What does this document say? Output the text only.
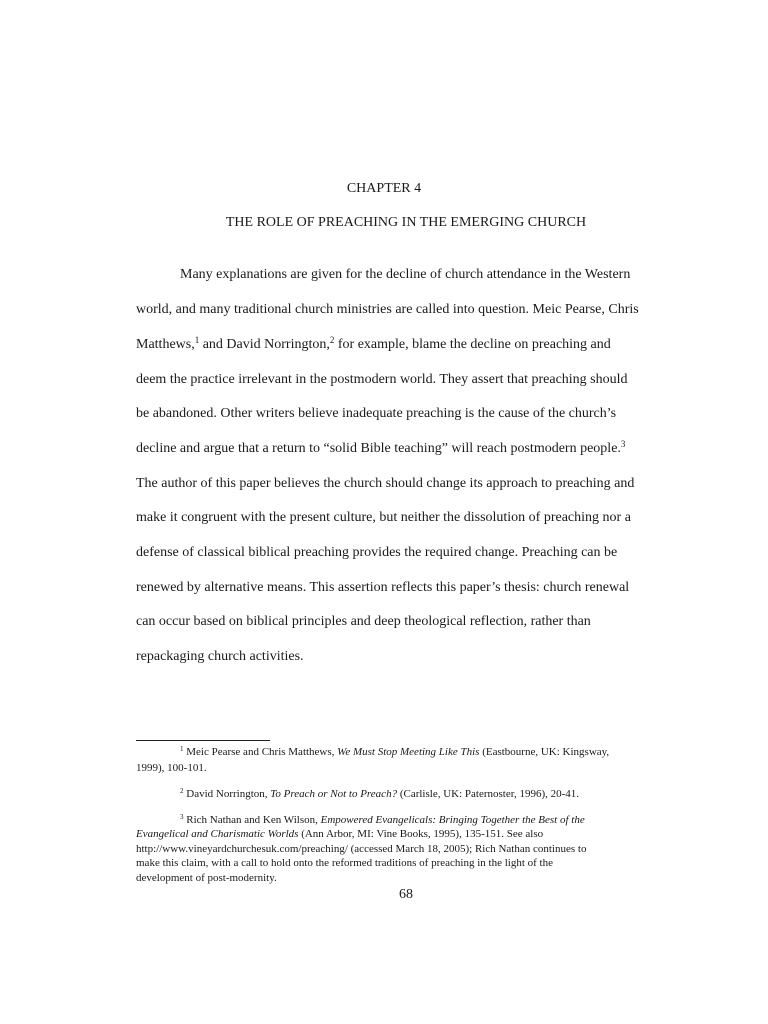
CHAPTER 4
THE ROLE OF PREACHING IN THE EMERGING CHURCH
Many explanations are given for the decline of church attendance in the Western
world, and many traditional church ministries are called into question. Meic Pearse, Chris
Matthews,$^1$ and David Norrington,$^2$ for example, blame the decline on preaching and
deem the practice irrelevant in the postmodern world. They assert that preaching should
be abandoned. Other writers believe inadequate preaching is the cause of the church’s
decline and argue that a return to “solid Bible teaching” will reach postmodern people.$^3$
The author of this paper believes the church should change its approach to preaching and
make it congruent with the present culture, but neither the dissolution of preaching nor a
defense of classical biblical preaching provides the required change. Preaching can be
renewed by alternative means. This assertion reflects this paper’s thesis: church renewal
can occur based on biblical principles and deep theological reflection, rather than
repackaging church activities.
$^1$ Meic Pearse and Chris Matthews, We Must Stop Meeting Like This (Eastbourne, UK: Kingsway,
1999), 100-101.
$^2$ David Norrington, To Preach or Not to Preach? (Carlisle, UK: Paternoster, 1996), 20-41.
$^3$ Rich Nathan and Ken Wilson, Empowered Evangelicals: Bringing Together the Best of the
Evangelical and Charismatic Worlds (Ann Arbor, MI: Vine Books, 1995), 135-151. See also
http://www.vineyardchurchesuk.com/preaching/ (accessed March 18, 2005); Rich Nathan continues to
make this claim, with a call to hold onto the reformed traditions of preaching in the light of the
development of post-modernity.
68
